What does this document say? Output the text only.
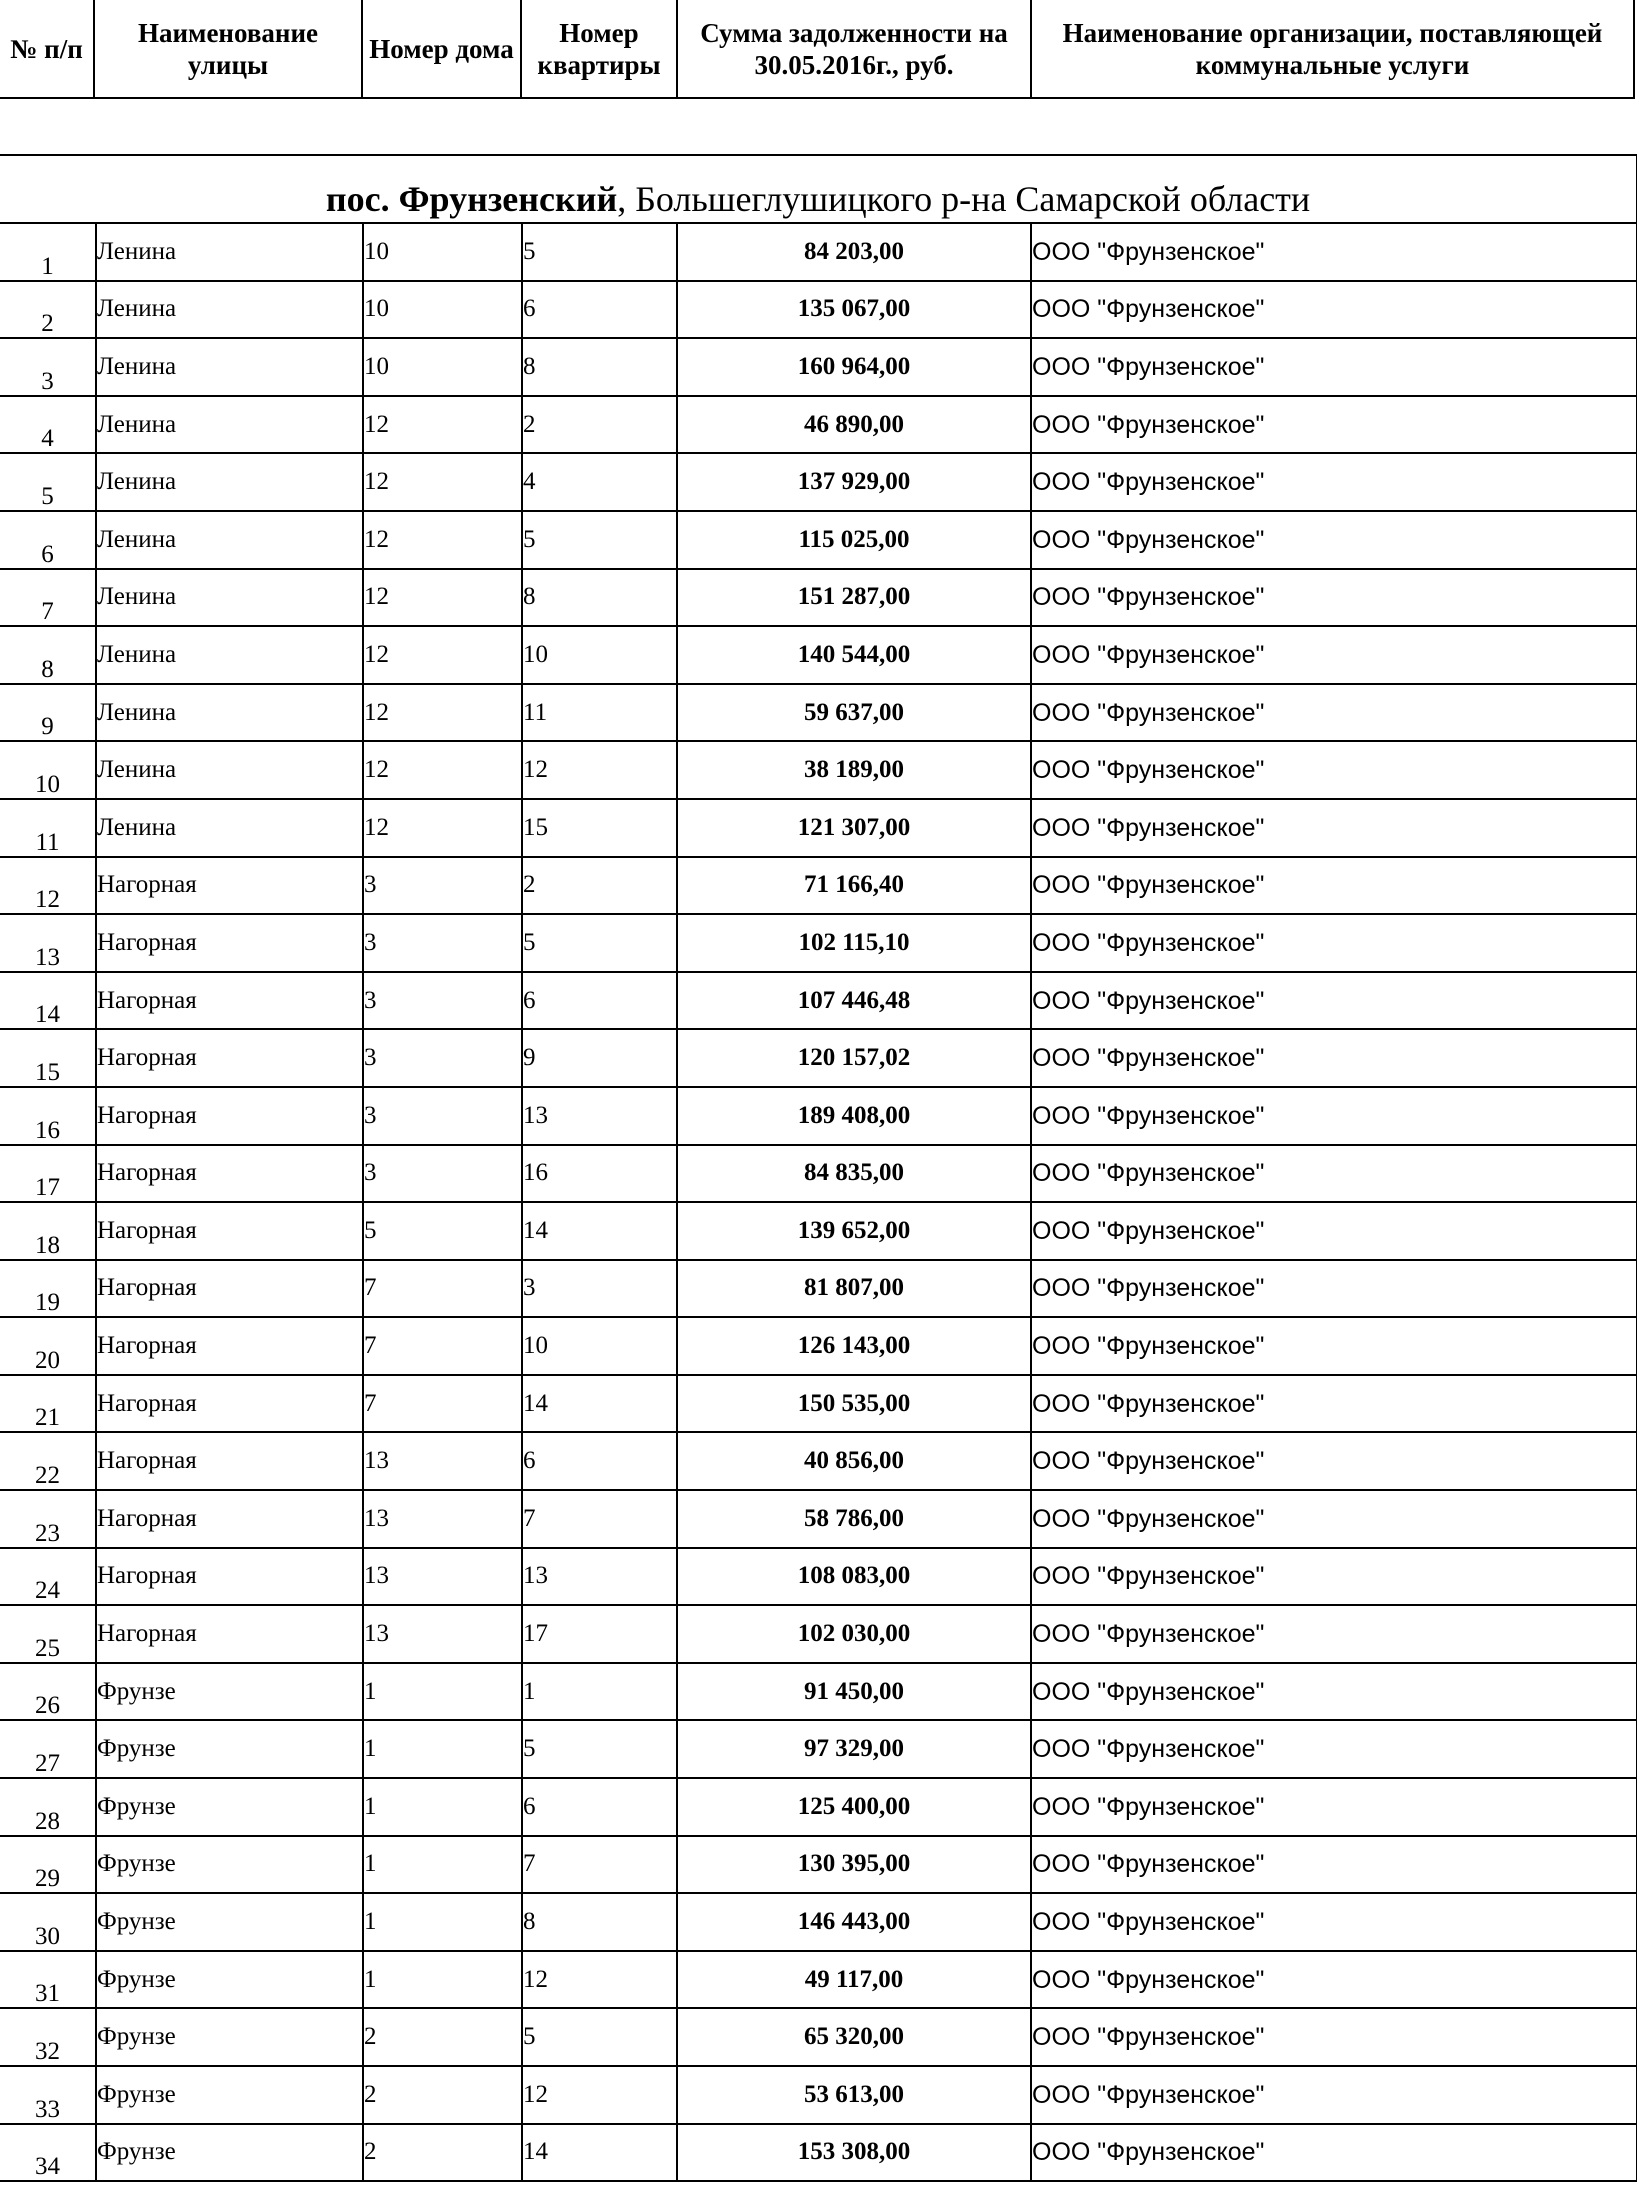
№ п/п	Наименование улицы	Номер дома	Номер квартиры	Сумма задолженности на 30.05.2016г., руб.	Наименование организации, поставляющей коммунальные услуги
пос. Фрунзенский, Большеглушицкого р-на Самарской области					
1	Ленина	10	5	84 203,00	ООО "Фрунзенское"
2	Ленина	10	6	135 067,00	ООО "Фрунзенское"
3	Ленина	10	8	160 964,00	ООО "Фрунзенское"
4	Ленина	12	2	46 890,00	ООО "Фрунзенское"
5	Ленина	12	4	137 929,00	ООО "Фрунзенское"
6	Ленина	12	5	115 025,00	ООО "Фрунзенское"
7	Ленина	12	8	151 287,00	ООО "Фрунзенское"
8	Ленина	12	10	140 544,00	ООО "Фрунзенское"
9	Ленина	12	11	59 637,00	ООО "Фрунзенское"
10	Ленина	12	12	38 189,00	ООО "Фрунзенское"
11	Ленина	12	15	121 307,00	ООО "Фрунзенское"
12	Нагорная	3	2	71 166,40	ООО "Фрунзенское"
13	Нагорная	3	5	102 115,10	ООО "Фрунзенское"
14	Нагорная	3	6	107 446,48	ООО "Фрунзенское"
15	Нагорная	3	9	120 157,02	ООО "Фрунзенское"
16	Нагорная	3	13	189 408,00	ООО "Фрунзенское"
17	Нагорная	3	16	84 835,00	ООО "Фрунзенское"
18	Нагорная	5	14	139 652,00	ООО "Фрунзенское"
19	Нагорная	7	3	81 807,00	ООО "Фрунзенское"
20	Нагорная	7	10	126 143,00	ООО "Фрунзенское"
21	Нагорная	7	14	150 535,00	ООО "Фрунзенское"
22	Нагорная	13	6	40 856,00	ООО "Фрунзенское"
23	Нагорная	13	7	58 786,00	ООО "Фрунзенское"
24	Нагорная	13	13	108 083,00	ООО "Фрунзенское"
25	Нагорная	13	17	102 030,00	ООО "Фрунзенское"
26	Фрунзе	1	1	91 450,00	ООО "Фрунзенское"
27	Фрунзе	1	5	97 329,00	ООО "Фрунзенское"
28	Фрунзе	1	6	125 400,00	ООО "Фрунзенское"
29	Фрунзе	1	7	130 395,00	ООО "Фрунзенское"
30	Фрунзе	1	8	146 443,00	ООО "Фрунзенское"
31	Фрунзе	1	12	49 117,00	ООО "Фрунзенское"
32	Фрунзе	2	5	65 320,00	ООО "Фрунзенское"
33	Фрунзе	2	12	53 613,00	ООО "Фрунзенское"
34	Фрунзе	2	14	153 308,00	ООО "Фрунзенское"
